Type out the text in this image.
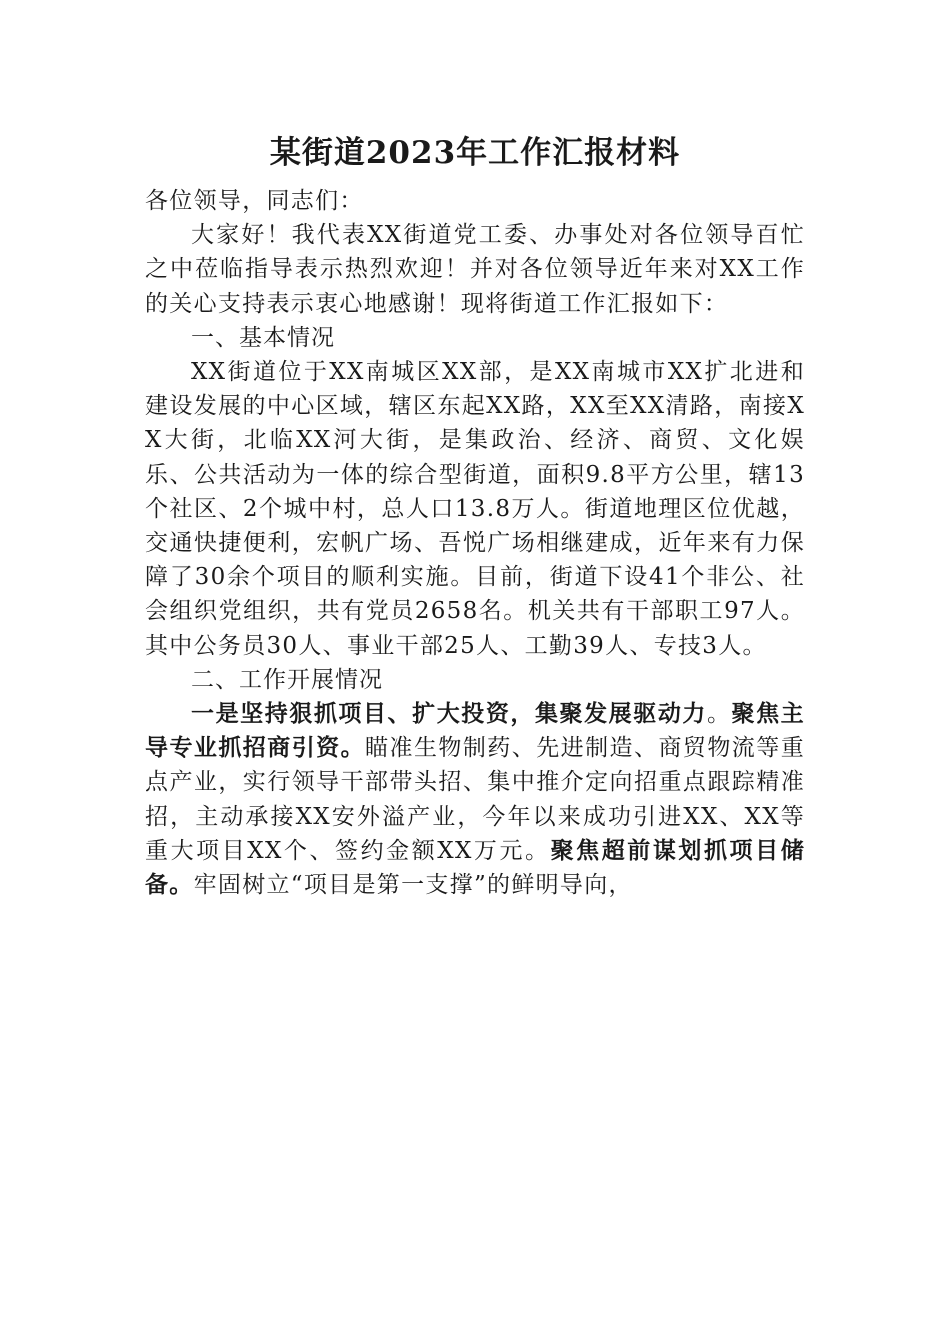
某街道2023年工作汇报材料

各位领导，同志们：

大家好！我代表XX街道党工委、办事处对各位领导百忙之中莅临指导表示热烈欢迎！并对各位领导近年来对XX工作的关心支持表示衷心地感谢！现将街道工作汇报如下：

一、基本情况

XX街道位于XX南城区XX部，是XX南城市XX扩北进和建设发展的中心区域，辖区东起XX路，XX至XX清路，南接XX大街，北临XX河大街，是集政治、经济、商贸、文化娱乐、公共活动为一体的综合型街道，面积9.8平方公里，辖13个社区、2个城中村，总人口13.8万人。街道地理区位优越，交通快捷便利，宏帆广场、吾悦广场相继建成，近年来有力保障了30余个项目的顺利实施。目前，街道下设41个非公、社会组织党组织，共有党员2658名。机关共有干部职工97人。其中公务员30人、事业干部25人、工勤39人、专技3人。

二、工作开展情况

一是坚持狠抓项目、扩大投资，集聚发展驱动力。聚焦主导专业抓招商引资。瞄准生物制药、先进制造、商贸物流等重点产业，实行领导干部带头招、集中推介定向招重点跟踪精准招，主动承接XX安外溢产业，今年以来成功引进XX、XX等重大项目XX个、签约金额XX万元。聚焦超前谋划抓项目储备。牢固树立“项目是第一支撑”的鲜明导向，
